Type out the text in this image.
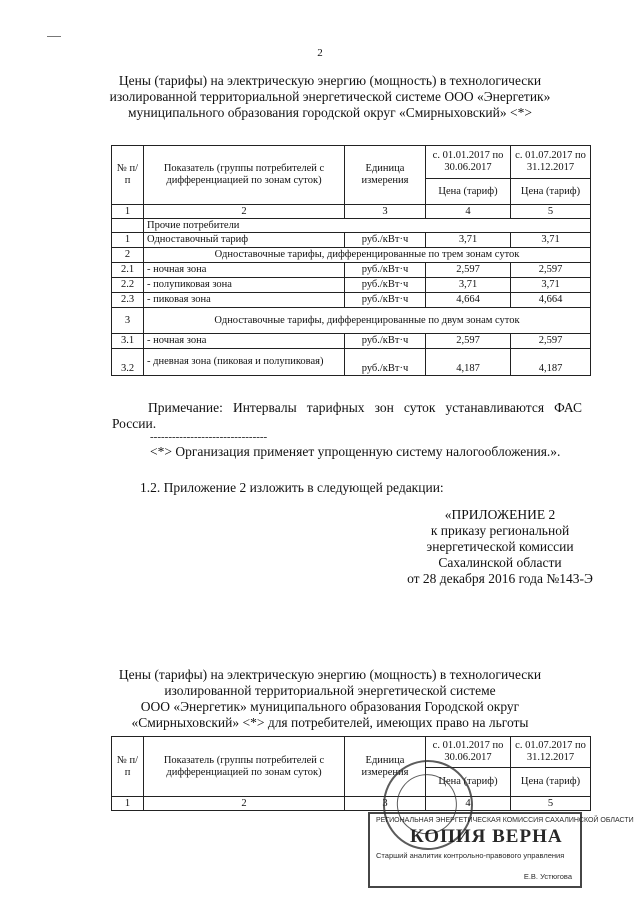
2
Цены (тарифы) на электрическую энергию (мощность) в технологически
изолированной территориальной энергетической системе ООО «Энергетик»
муниципального образования городской округ «Смирныховский» <*>
№ п/п	Показатель (группы потребителей с дифференциацией по зонам суток)	Единица измерения	с. 01.01.2017 по 30.06.2017	с. 01.07.2017 по 31.12.2017
			Цена (тариф)	Цена (тариф)
1	2	3	4	5
	Прочие потребители			
1	Одноставочный тариф	руб./кВт·ч	3,71	3,71
2	Одноставочные тарифы, дифференцированные по трем зонам суток			
2.1	- ночная зона	руб./кВт·ч	2,597	2,597
2.2	- полупиковая зона	руб./кВт·ч	3,71	3,71
2.3	- пиковая зона	руб./кВт·ч	4,664	4,664
3	Одноставочные тарифы, дифференцированные по двум зонам суток			
3.1	- ночная зона	руб./кВт·ч	2,597	2,597
3.2	- дневная зона (пиковая и полупиковая)	руб./кВт·ч	4,187	4,187
Примечание: Интервалы тарифных зон суток устанавливаются ФАС России.
--------------------------------
<*> Организация применяет упрощенную систему налогообложения.».
1.2. Приложение 2 изложить в следующей редакции:
«ПРИЛОЖЕНИЕ 2
к приказу региональной
энергетической комиссии
Сахалинской области
от 28 декабря 2016 года №143-Э
Цены (тарифы) на электрическую энергию (мощность) в технологически
изолированной территориальной энергетической системе
ООО «Энергетик» муниципального образования Городской округ
«Смирныховский» <*> для потребителей, имеющих право на льготы
№ п/п	Показатель (группы потребителей с дифференциацией по зонам суток)	Единица измерения	с. 01.01.2017 по 30.06.2017	с. 01.07.2017 по 31.12.2017
			Цена (тариф)	Цена (тариф)
1	2	3	4	5
РЕГИОНАЛЬНАЯ ЭНЕРГЕТИЧЕСКАЯ КОМИССИЯ САХАЛИНСКОЙ ОБЛАСТИ
КОПИЯ ВЕРНА
Старший аналитик контрольно-правового управления
Е.В. Устюгова
